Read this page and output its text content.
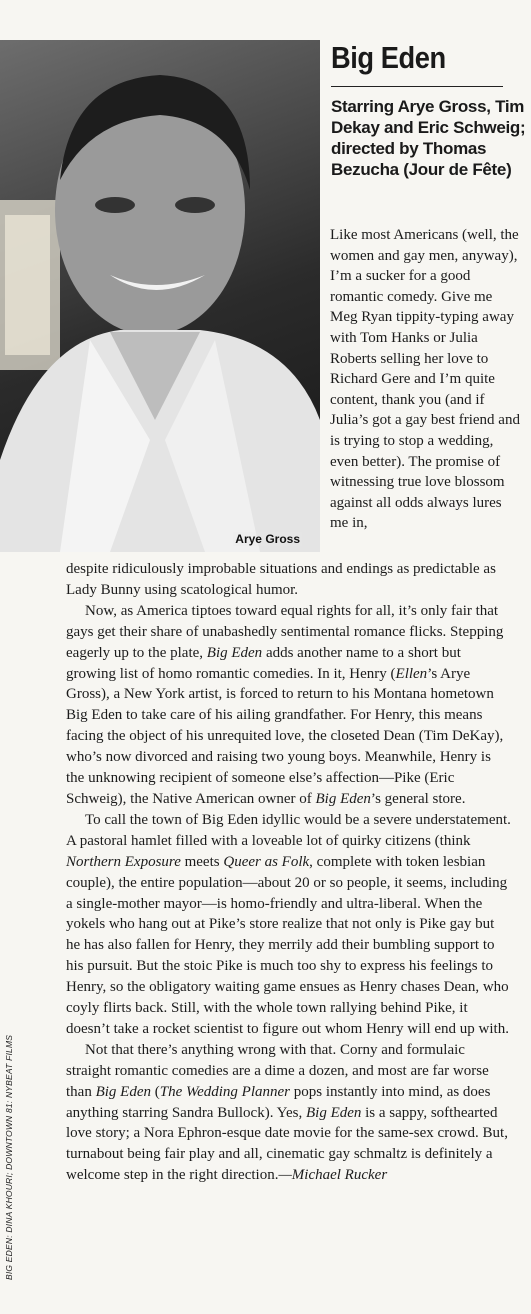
Arye Gross
Big Eden

Starring Arye Gross, Tim Dekay and Eric Schweig; directed by Thomas Bezucha (Jour de Fête)

Like most Americans (well, the women and gay men, anyway), I’m a sucker for a good romantic comedy. Give me Meg Ryan tippity-typing away with Tom Hanks or Julia Roberts selling her love to Richard Gere and I’m quite content, thank you (and if Julia’s got a gay best friend and is trying to stop a wedding, even better). The promise of witnessing true love blossom against all odds always lures me in,

despite ridiculously improbable situations and endings as predictable as Lady Bunny using scatological humor.

Now, as America tiptoes toward equal rights for all, it’s only fair that gays get their share of unabashedly sentimental romance flicks. Stepping eagerly up to the plate, Big Eden adds another name to a short but growing list of homo romantic comedies. In it, Henry (Ellen’s Arye Gross), a New York artist, is forced to return to his Montana hometown Big Eden to take care of his ailing grandfather. For Henry, this means facing the object of his unrequited love, the closeted Dean (Tim DeKay), who’s now divorced and raising two young boys. Meanwhile, Henry is the unknowing recipient of someone else’s affection—Pike (Eric Schweig), the Native American owner of Big Eden’s general store.

To call the town of Big Eden idyllic would be a severe understatement. A pastoral hamlet filled with a loveable lot of quirky citizens (think Northern Exposure meets Queer as Folk, complete with token lesbian couple), the entire population—about 20 or so people, it seems, including a single-mother mayor—is homo-friendly and ultra-liberal. When the yokels who hang out at Pike’s store realize that not only is Pike gay but he has also fallen for Henry, they merrily add their bumbling support to his pursuit. But the stoic Pike is much too shy to express his feelings to Henry, so the obligatory waiting game ensues as Henry chases Dean, who coyly flirts back. Still, with the whole town rallying behind Pike, it doesn’t take a rocket scientist to figure out whom Henry will end up with.

Not that there’s anything wrong with that. Corny and formulaic straight romantic comedies are a dime a dozen, and most are far worse than Big Eden (The Wedding Planner pops instantly into mind, as does anything starring Sandra Bullock). Yes, Big Eden is a sappy, softhearted love story; a Nora Ephron-esque date movie for the same-sex crowd. But, turnabout being fair play and all, cinematic gay schmaltz is definitely a welcome step in the right direction.—Michael Rucker

BIG EDEN: DINA KHOURI; DOWNTOWN 81: NYBEAT FILMS
